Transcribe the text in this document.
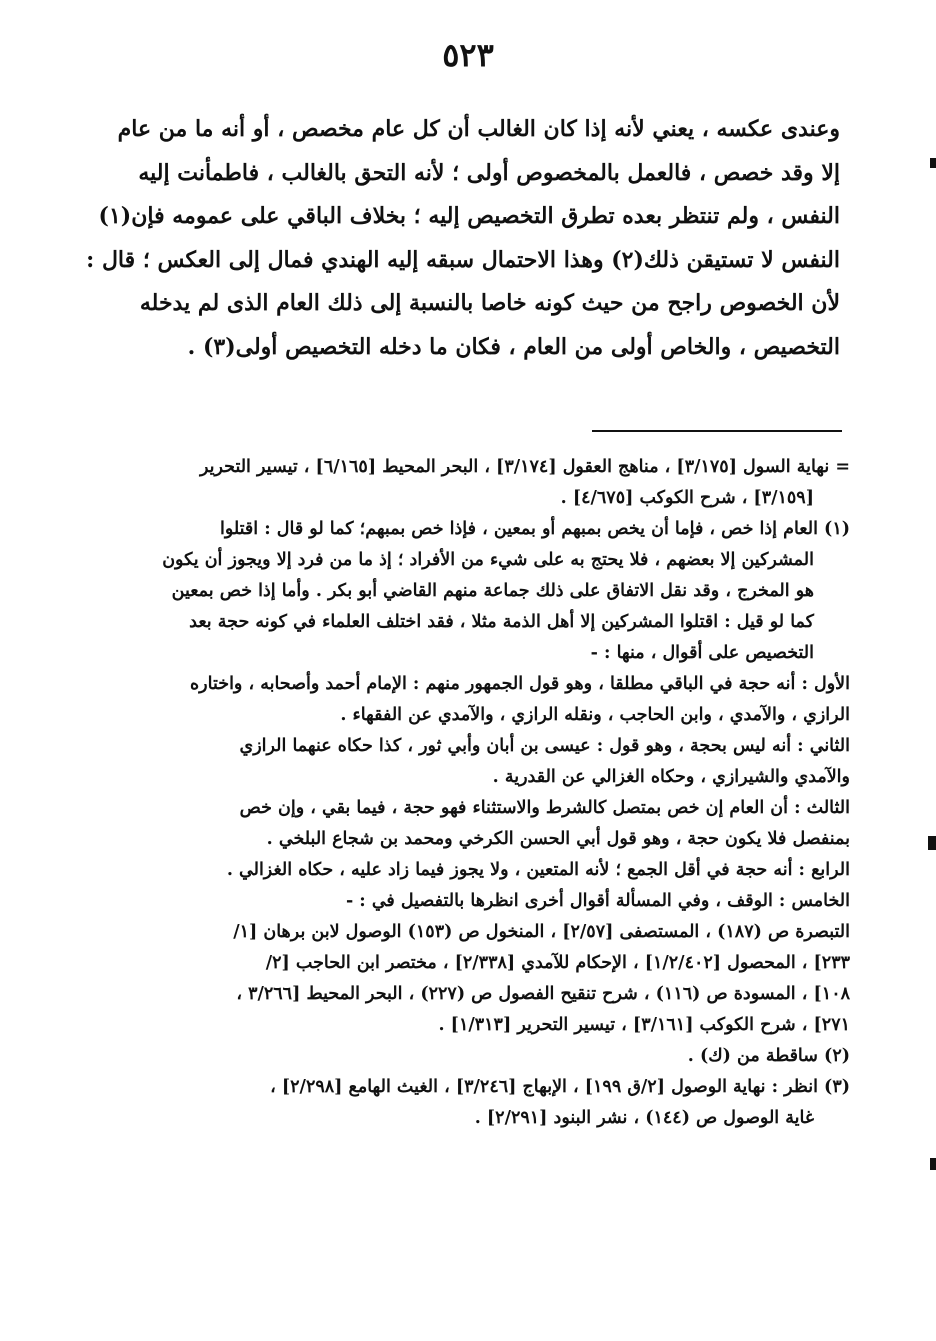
٥٢٣
وعندى عكسه ، يعني لأنه إذا كان الغالب أن كل عام مخصص ، أو أنه ما من عام
إلا وقد خصص ، فالعمل بالمخصوص أولى ؛ لأنه التحق بالغالب ، فاطمأنت إليه
النفس ، ولم تنتظر بعده تطرق التخصيص إليه ؛ بخلاف الباقي على عمومه فإن(١)
النفس لا تستيقن ذلك(٢) وهذا الاحتمال سبقه إليه الهندي فمال إلى العكس ؛ قال :
لأن الخصوص راجح من حيث كونه خاصا بالنسبة إلى ذلك العام الذى لم يدخله
التخصيص ، والخاص أولى من العام ، فكان ما دخله التخصيص أولى(٣) .
= نهاية السول [٣/١٧٥] ، مناهج العقول [٣/١٧٤] ، البحر المحيط [٦/١٦٥] ، تيسير التحرير
[٣/١٥٩] ، شرح الكوكب [٤/٦٧٥] .
(١) العام إذا خص ، فإما أن يخص بمبهم أو بمعين ، فإذا خص بمبهم؛ كما لو قال : اقتلوا
المشركين إلا بعضهم ، فلا يحتج به على شيء من الأفراد ؛ إذ ما من فرد إلا ويجوز أن يكون
هو المخرج ، وقد نقل الاتفاق على ذلك جماعة منهم القاضي أبو بكر . وأما إذا خص بمعين
كما لو قيل : اقتلوا المشركين إلا أهل الذمة مثلا ، فقد اختلف العلماء في كونه حجة بعد
التخصيص على أقوال ، منها : -
الأول : أنه حجة في الباقي مطلقا ، وهو قول الجمهور منهم : الإمام أحمد وأصحابه ، واختاره
الرازي ، والآمدي ، وابن الحاجب ، ونقله الرازي ، والآمدي عن الفقهاء .
الثاني : أنه ليس بحجة ، وهو قول : عيسى بن أبان وأبي ثور ، كذا حكاه عنهما الرازي
والآمدي والشيرازي ، وحكاه الغزالي عن القدرية .
الثالث : أن العام إن خص بمتصل كالشرط والاستثناء فهو حجة ، فيما بقي ، وإن خص
بمنفصل فلا يكون حجة ، وهو قول أبي الحسن الكرخي ومحمد بن شجاع البلخي .
الرابع : أنه حجة في أقل الجمع ؛ لأنه المتعين ، ولا يجوز فيما زاد عليه ، حكاه الغزالي .
الخامس : الوقف ، وفي المسألة أقوال أخرى انظرها بالتفصيل في : -
التبصرة ص (١٨٧) ، المستصفى [٢/٥٧] ، المنخول ص (١٥٣) الوصول لابن برهان [١/
٢٣٣] ، المحصول [١/٢/٤٠٢] ، الإحكام للآمدي [٢/٣٣٨] ، مختصر ابن الحاجب [٢/
١٠٨] ، المسودة ص (١١٦) ، شرح تنقيح الفصول ص (٢٢٧) ، البحر المحيط [٣/٢٦٦ ،
٢٧١] ، شرح الكوكب [٣/١٦١] ، تيسير التحرير [١/٣١٣] .
(٢) ساقطة من (ك) .
(٣) انظر : نهاية الوصول [٢/ق ١٩٩] ، الإبهاج [٣/٢٤٦] ، الغيث الهامع [٢/٢٩٨] ،
غاية الوصول ص (١٤٤) ، نشر البنود [٢/٢٩١] .
